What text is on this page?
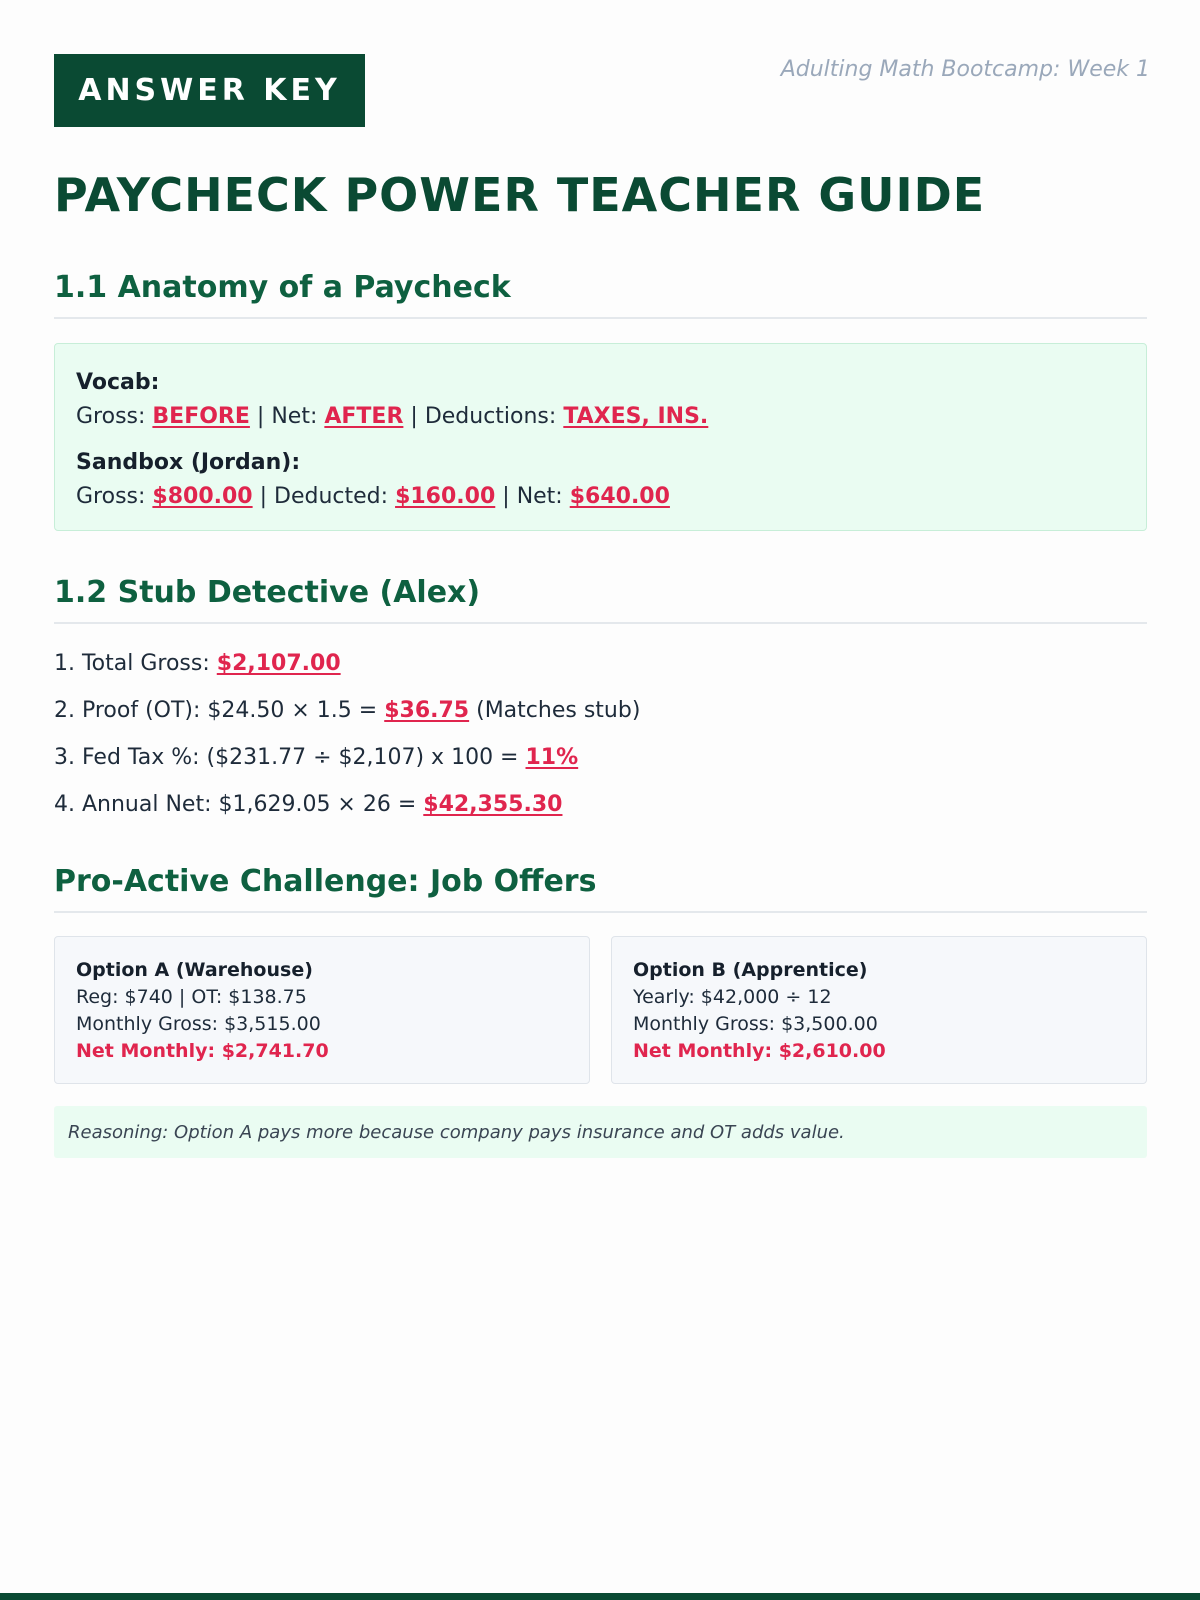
ANSWER KEY
Adulting Math Bootcamp: Week 1
PAYCHECK POWER TEACHER GUIDE
1.1 Anatomy of a Paycheck
Vocab:
Gross: BEFORE | Net: AFTER | Deductions: TAXES, INS.
Sandbox (Jordan):
Gross: $800.00 | Deducted: $160.00 | Net: $640.00
1.2 Stub Detective (Alex)
1. Total Gross: $2,107.00
2. Proof (OT): $24.50 × 1.5 = $36.75 (Matches stub)
3. Fed Tax %: ($231.77 ÷ $2,107) x 100 = 11%
4. Annual Net: $1,629.05 × 26 = $42,355.30
Pro-Active Challenge: Job Offers
Option A (Warehouse)
Reg: $740 | OT: $138.75
Monthly Gross: $3,515.00
Net Monthly: $2,741.70
Option B (Apprentice)
Yearly: $42,000 ÷ 12
Monthly Gross: $3,500.00
Net Monthly: $2,610.00
Reasoning: Option A pays more because company pays insurance and OT adds value.
